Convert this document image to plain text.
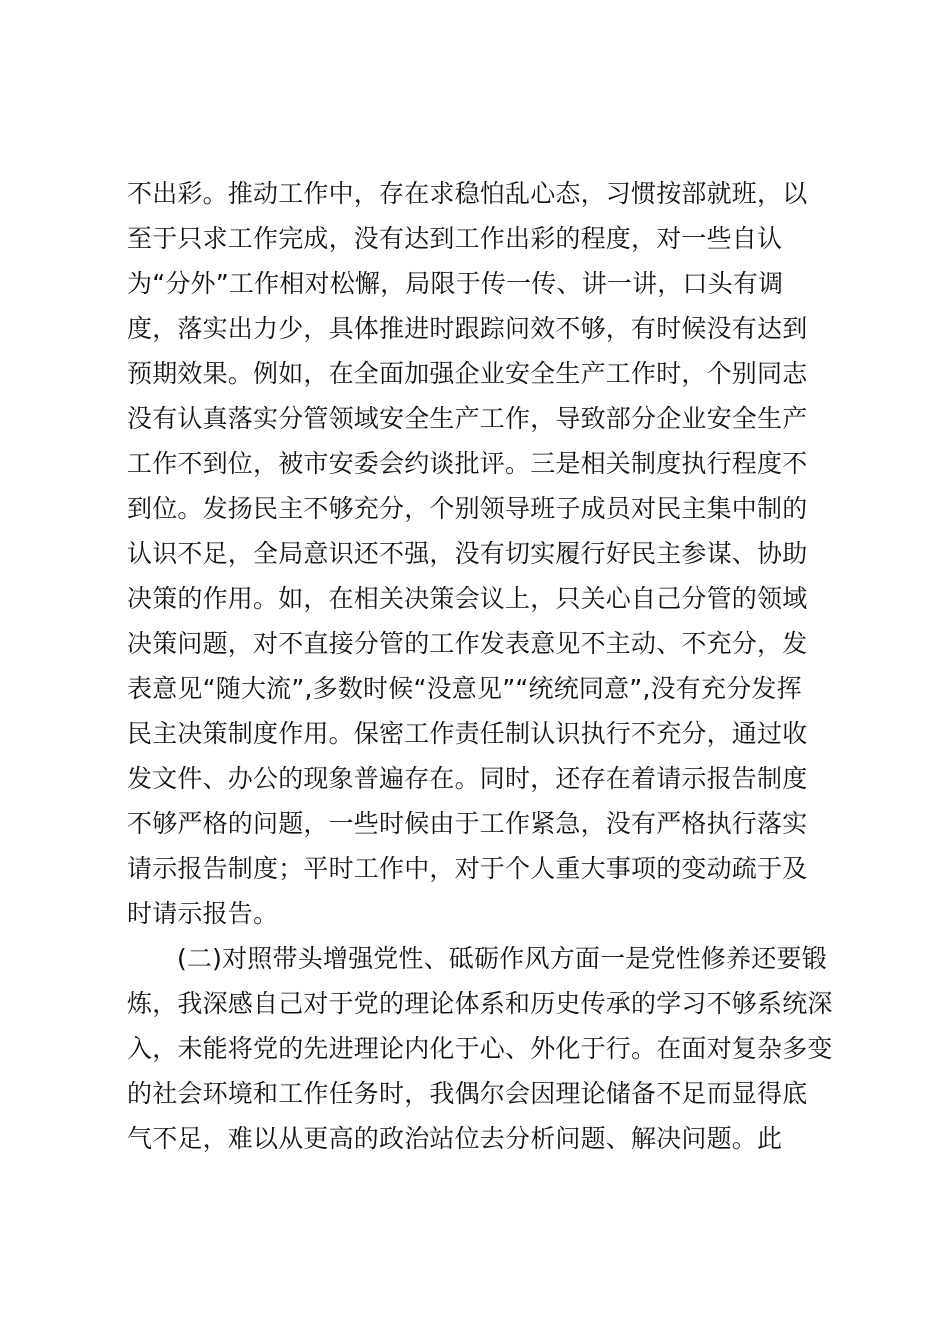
不出彩。推动工作中，存在求稳怕乱心态，习惯按部就班，以
至于只求工作完成，没有达到工作出彩的程度，对一些自认
为“分外”工作相对松懈，局限于传一传、讲一讲，口头有调
度，落实出力少，具体推进时跟踪问效不够，有时候没有达到
预期效果。例如，在全面加强企业安全生产工作时，个别同志
没有认真落实分管领域安全生产工作，导致部分企业安全生产
工作不到位，被市安委会约谈批评。三是相关制度执行程度不
到位。发扬民主不够充分，个别领导班子成员对民主集中制的
认识不足，全局意识还不强，没有切实履行好民主参谋、协助
决策的作用。如，在相关决策会议上，只关心自己分管的领域
决策问题，对不直接分管的工作发表意见不主动、不充分，发
表意见“随大流”,多数时候“没意见”“统统同意”,没有充分发挥
民主决策制度作用。保密工作责任制认识执行不充分，通过收
发文件、办公的现象普遍存在。同时，还存在着请示报告制度
不够严格的问题，一些时候由于工作紧急，没有严格执行落实
请示报告制度；平时工作中，对于个人重大事项的变动疏于及
时请示报告。
(二)对照带头增强党性、砥砺作风方面一是党性修养还要锻
炼，我深感自己对于党的理论体系和历史传承的学习不够系统深
入，未能将党的先进理论内化于心、外化于行。在面对复杂多变
的社会环境和工作任务时，我偶尔会因理论储备不足而显得底
气不足，难以从更高的政治站位去分析问题、解决问题。此
